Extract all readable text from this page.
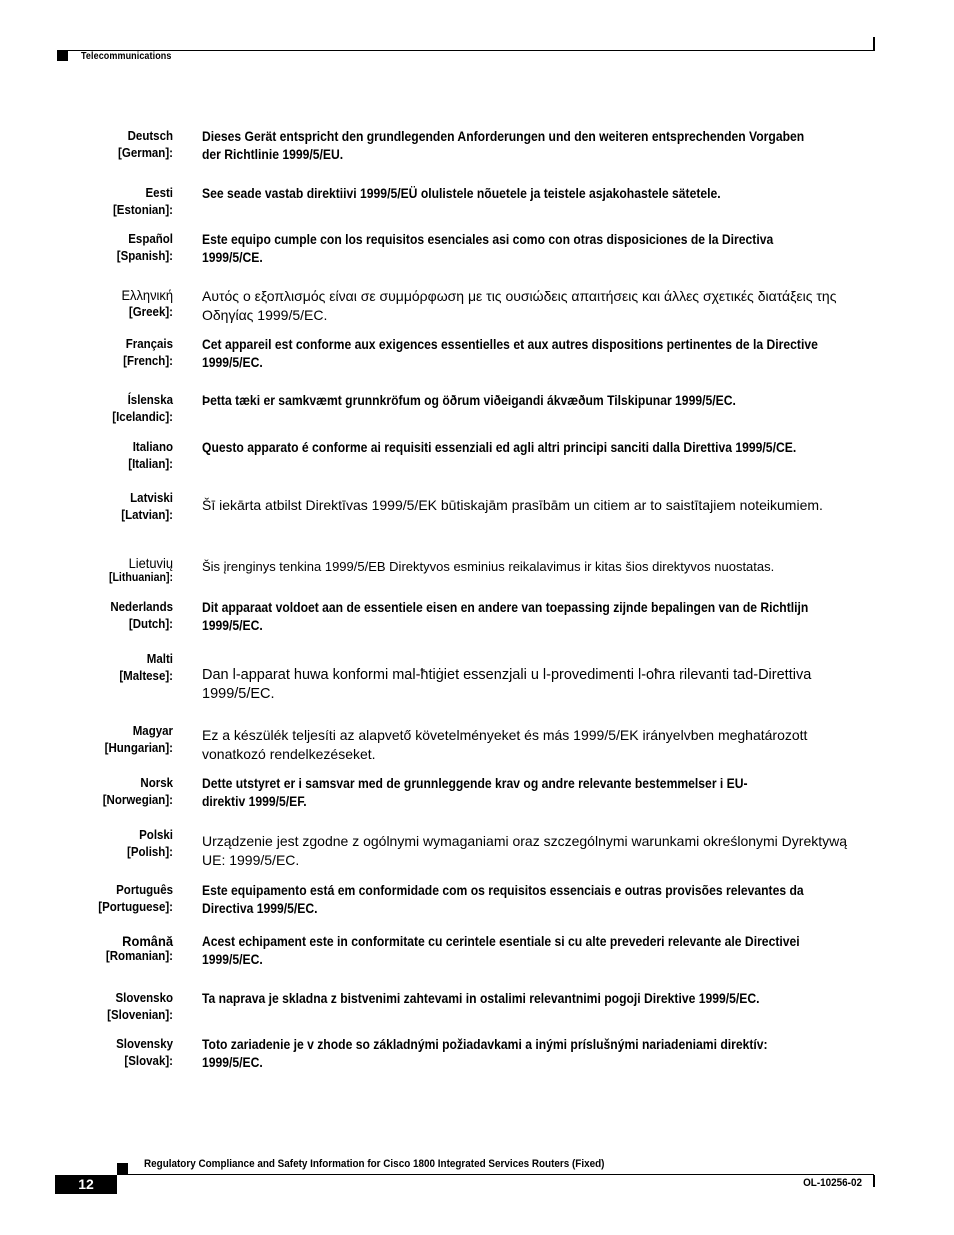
Telecommunications
Deutsch
[German]:
Dieses Gerät entspricht den grundlegenden Anforderungen und den weiteren entsprechenden Vorgaben der Richtlinie 1999/5/EU.
Eesti
[Estonian]:
See seade vastab direktiivi 1999/5/EÜ olulistele nõuetele ja teistele asjakohastele sätetele.
Español
[Spanish]:
Este equipo cumple con los requisitos esenciales asi como con otras disposiciones de la Directiva 1999/5/CE.
Ελληνική
[Greek]:
Αυτός ο εξοπλισμός είναι σε συμμόρφωση με τις ουσιώδεις απαιτήσεις και άλλες σχετικές διατάξεις της Οδηγίας 1999/5/EC.
Français
[French]:
Cet appareil est conforme aux exigences essentielles et aux autres dispositions pertinentes de la Directive 1999/5/EC.
Íslenska
[Icelandic]:
Þetta tæki er samkvæmt grunnkröfum og öðrum viðeigandi ákvæðum Tilskipunar 1999/5/EC.
Italiano
[Italian]:
Questo apparato é conforme ai requisiti essenziali ed agli altri principi sanciti dalla Direttiva 1999/5/CE.
Latviski
[Latvian]:
Šī iekārta atbilst Direktīvas 1999/5/EK būtiskajām prasībām un citiem ar to saistītajiem noteikumiem.
Lietuvių
[Lithuanian]:
Šis įrenginys tenkina 1999/5/EB Direktyvos esminius reikalavimus ir kitas šios direktyvos nuostatas.
Nederlands
[Dutch]:
Dit apparaat voldoet aan de essentiele eisen en andere van toepassing zijnde bepalingen van de Richtlijn 1999/5/EC.
Malti
[Maltese]: Dan l-apparat huwa konformi mal-ħtiġiet essenzjali u l-provedimenti l-oħra rilevanti tad-Direttiva
1999/5/EC.
Magyar
[Hungarian]:
Ez a készülék teljesíti az alapvető követelményeket és más 1999/5/EK irányelvben meghatározott vonatkozó rendelkezéseket.
Norsk
[Norwegian]:
Dette utstyret er i samsvar med de grunnleggende krav og andre relevante bestemmelser i EU-direktiv 1999/5/EF.
Polski
[Polish]:
Urządzenie jest zgodne z ogólnymi wymaganiami oraz szczególnymi warunkami określonymi Dyrektywą UE: 1999/5/EC.
Português
[Portuguese]:
Este equipamento está em conformidade com os requisitos essenciais e outras provisões relevantes da Directiva 1999/5/EC.
Română
[Romanian]:
Acest echipament este in conformitate cu cerintele esentiale si cu alte prevederi relevante ale Directivei 1999/5/EC.
Slovensko
[Slovenian]:
Ta naprava je skladna z bistvenimi zahtevami in ostalimi relevantnimi pogoji Direktive 1999/5/EC.
Slovensky
[Slovak]:
Toto zariadenie je v zhode so základnými požiadavkami a inými príslušnými nariadeniami direktív: 1999/5/EC.
Regulatory Compliance and Safety Information for Cisco 1800 Integrated Services Routers (Fixed)
12	OL-10256-02
